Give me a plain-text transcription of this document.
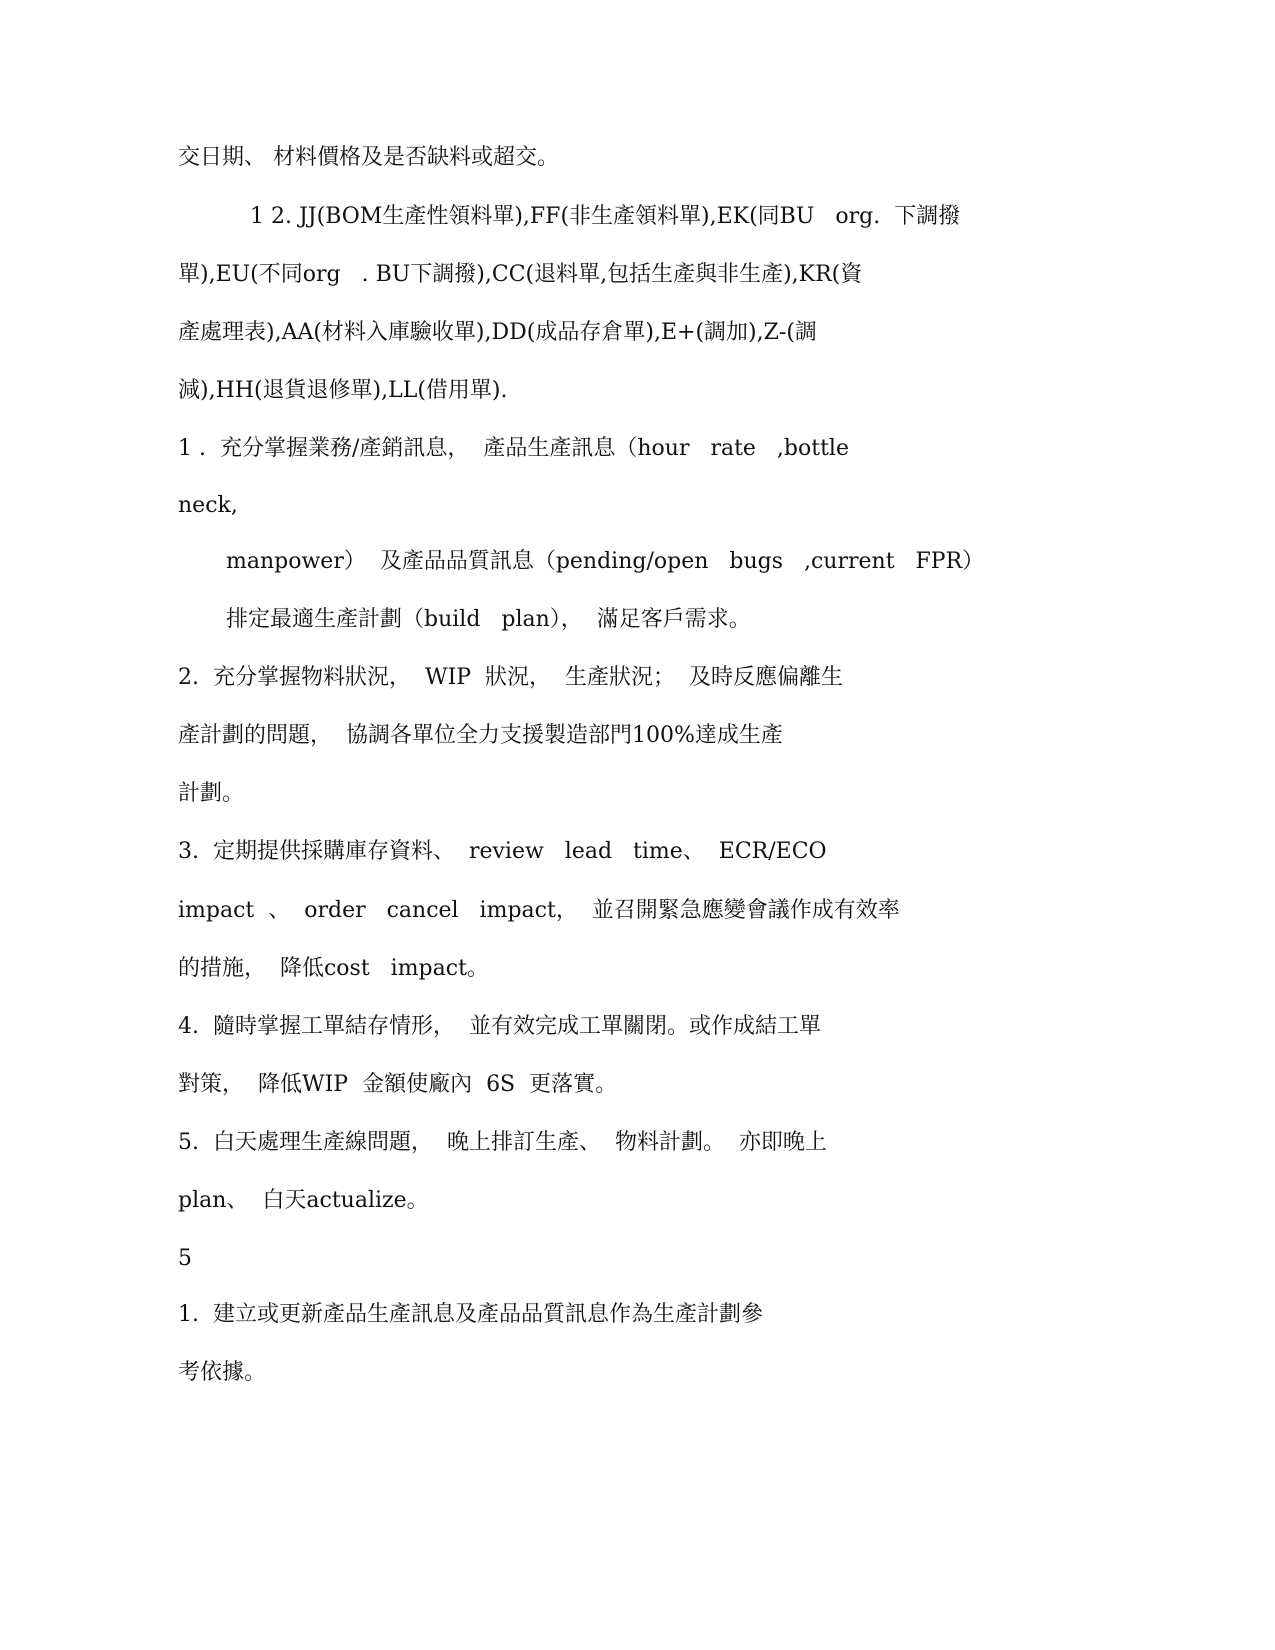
交日期、 材料價格及是否缺料或超交。
1 2. JJ(BOM生產性領料單),FF(非生產領料單),EK(同BU   org.  下調撥
單),EU(不同org   . BU下調撥),CC(退料單,包括生產與非生產),KR(資
產處理表),AA(材料入庫驗收單),DD(成品存倉單),E+(調加),Z-(調
減),HH(退貨退修單),LL(借用單).
1 .  充分掌握業務/產銷訊息，  產品生產訊息（hour   rate   ,bottle
neck,
manpower）  及產品品質訊息（pending/open   bugs   ,current   FPR）
排定最適生產計劃（build   plan），  滿足客戶需求。
2.  充分掌握物料狀況，  WIP  狀況，  生產狀況；  及時反應偏離生
產計劃的問題，  協調各單位全力支援製造部門100%達成生產
計劃。
3.  定期提供採購庫存資料、  review   lead   time、  ECR/ECO
impact  、  order   cancel   impact，  並召開緊急應變會議作成有效率
的措施，  降低cost   impact。
4.  隨時掌握工單結存情形，  並有效完成工單關閉。或作成結工單
對策，  降低WIP  金額使廠內  6S  更落實。
5.  白天處理生產線問題，  晚上排訂生產、  物料計劃。  亦即晚上
plan、  白天actualize。
5
1.  建立或更新產品生產訊息及產品品質訊息作為生產計劃參
考依據。
